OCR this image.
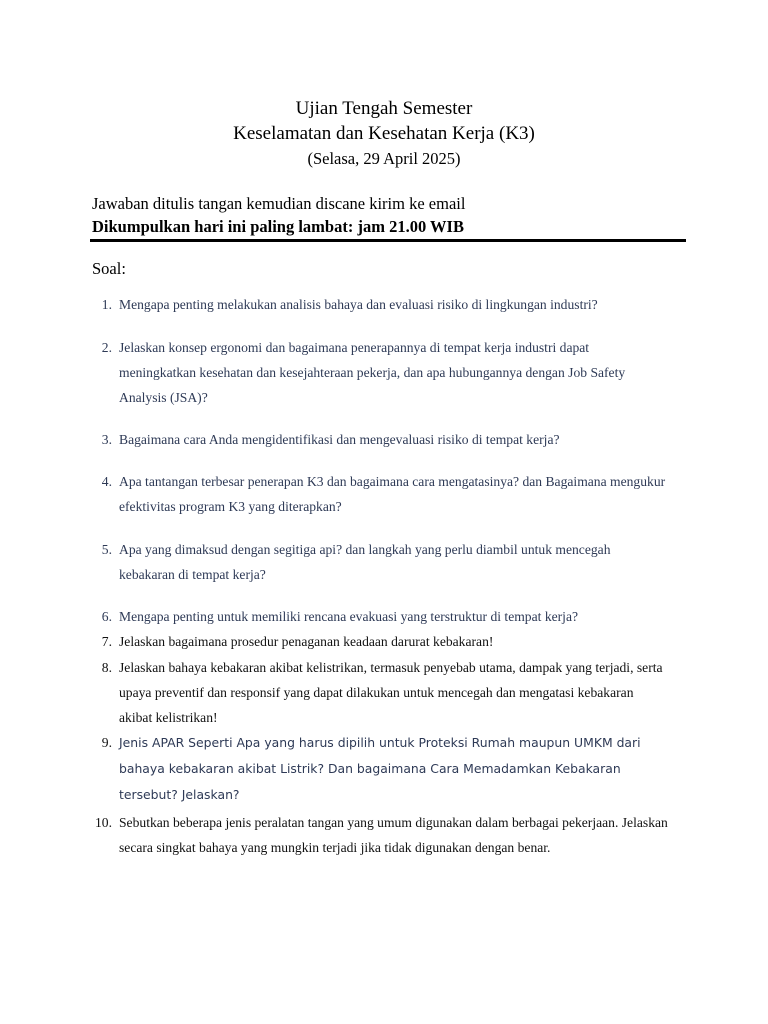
Ujian Tengah Semester
Keselamatan dan Kesehatan Kerja (K3)
(Selasa, 29 April 2025)
Jawaban ditulis tangan kemudian discane kirim ke email
Dikumpulkan hari ini paling lambat: jam 21.00 WIB
Soal:
1. Mengapa penting melakukan analisis bahaya dan evaluasi risiko di lingkungan industri?
2. Jelaskan konsep ergonomi dan bagaimana penerapannya di tempat kerja industri dapat meningkatkan kesehatan dan kesejahteraan pekerja, dan apa hubungannya dengan Job Safety Analysis (JSA)?
3. Bagaimana cara Anda mengidentifikasi dan mengevaluasi risiko di tempat kerja?
4. Apa tantangan terbesar penerapan K3 dan bagaimana cara mengatasinya? dan Bagaimana mengukur efektivitas program K3 yang diterapkan?
5. Apa yang dimaksud dengan segitiga api? dan langkah yang perlu diambil untuk mencegah kebakaran di tempat kerja?
6. Mengapa penting untuk memiliki rencana evakuasi yang terstruktur di tempat kerja?
7. Jelaskan bagaimana prosedur penaganan keadaan darurat kebakaran!
8. Jelaskan bahaya kebakaran akibat kelistrikan, termasuk penyebab utama, dampak yang terjadi, serta upaya preventif dan responsif yang dapat dilakukan untuk mencegah dan mengatasi kebakaran akibat kelistrikan!
9. Jenis APAR Seperti Apa yang harus dipilih untuk Proteksi Rumah maupun UMKM dari bahaya kebakaran akibat Listrik? Dan bagaimana Cara Memadamkan Kebakaran tersebut? Jelaskan?
10. Sebutkan beberapa jenis peralatan tangan yang umum digunakan dalam berbagai pekerjaan. Jelaskan secara singkat bahaya yang mungkin terjadi jika tidak digunakan dengan benar.
